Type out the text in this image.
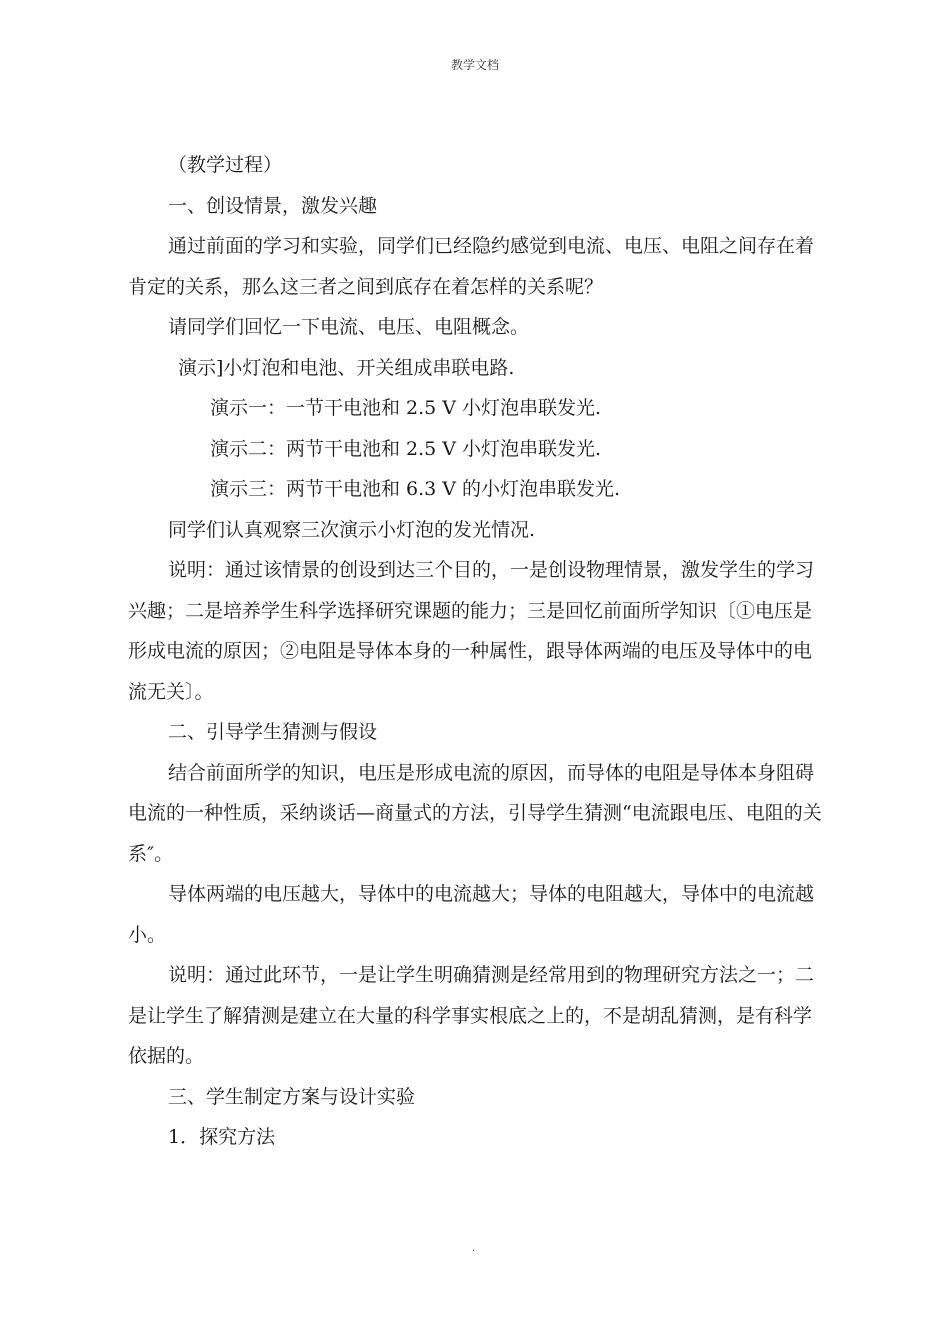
教学文档

（教学过程）

一、创设情景，激发兴趣

通过前面的学习和实验，同学们已经隐约感觉到电流、电压、电阻之间存在着肯定的关系，那么这三者之间到底存在着怎样的关系呢？

请同学们回忆一下电流、电压、电阻概念。

演示]小灯泡和电池、开关组成串联电路.

演示一：一节干电池和 2.5 V 小灯泡串联发光.

演示二：两节干电池和 2.5 V 小灯泡串联发光.

演示三：两节干电池和 6.3 V 的小灯泡串联发光.

同学们认真观察三次演示小灯泡的发光情况.

说明：通过该情景的创设到达三个目的，一是创设物理情景，激发学生的学习兴趣；二是培养学生科学选择研究课题的能力；三是回忆前面所学知识〔①电压是形成电流的原因；②电阻是导体本身的一种属性，跟导体两端的电压及导体中的电流无关〕。

二、引导学生猜测与假设

结合前面所学的知识，电压是形成电流的原因，而导体的电阻是导体本身阻碍电流的一种性质，采纳谈话—商量式的方法，引导学生猜测“电流跟电压、电阻的关系″。

导体两端的电压越大，导体中的电流越大；导体的电阻越大，导体中的电流越小。

说明：通过此环节，一是让学生明确猜测是经常用到的物理研究方法之一；二是让学生了解猜测是建立在大量的科学事实根底之上的，不是胡乱猜测，是有科学依据的。

三、学生制定方案与设计实验

1．探究方法

.
